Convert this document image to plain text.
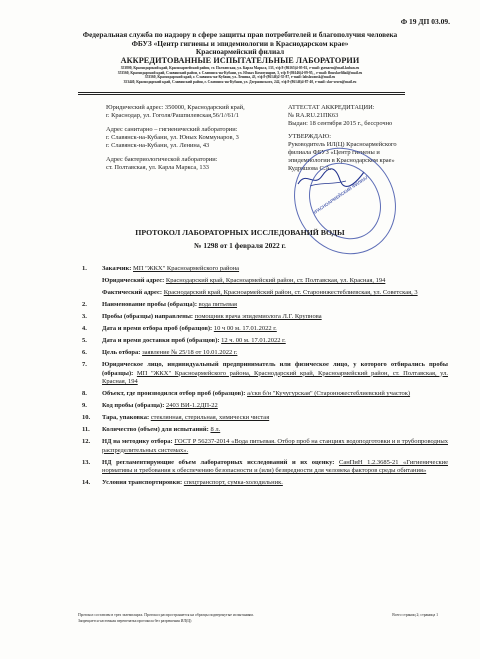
Ф 19 ДП 03.09.
Федеральная служба по надзору в сфере защиты прав потребителей и благополучия человека
ФБУЗ «Центр гигиены и эпидемиологии в Краснодарском крае»
Красноармейский филиал
АККРЕДИТОВАННЫЕ ИСПЫТАТЕЛЬНЫЕ ЛАБОРАТОРИИ
353800, Краснодарский край, Красноармейский район, ст. Полтавская, ул. Карла Маркса, 133, т/ф 8-(86165)4-05-02, e-mail: gsenarm@mail.kuban.ru
353560, Краснодарский край, Славянский район, г. Славянск-на-Кубани, ул. Юных Коммунаров, 3, т/ф 8-(86146)4-09-95, , e-mail: fbuzslavfilial@mail.ru
353560, Краснодарский край, г. Славянск-на-Кубани, ул. Ленина, 43, т/ф 8-(86146)2-35-87, e-mail: labslavansk@mail.ru
353440, Краснодарский край, Славянский район, г. Славянск-на-Кубани, ул. Дзержинского, 242, т/ф 8-(86146)4-87-40, e-mail: slav-sesen@mail.ru
Юридический адрес: 350000, Краснодарский край,
г. Краснодар, ул. Гоголя/Рашпилевская,56/1//61/1
Адрес санитарно – гигиенический лаборатории:
г. Славянск-на-Кубани, ул. Юных Коммунаров, 3
г. Славянск-на-Кубани, ул. Ленина, 43
Адрес бактериологической лаборатории:
ст. Полтавская, ул. Карла Маркса, 133
АТТЕСТАТ АККРЕДИТАЦИИ:
№ RA.RU.21ПК63
Выдан: 18 сентября 2015 г., бессрочно
УТВЕРЖДАЮ:
Руководитель ИЛ(Ц) Красноармейского
филиала ФБУЗ «Центр гигиены и
эпидемиологии в Краснодарском крае»
Кудряшова С.А.
КРАСНОАРМЕЙСКИЙ ФИЛИАЛ
ПРОТОКОЛ ЛАБОРАТОРНЫХ ИССЛЕДОВАНИЙ ВОДЫ
№ 1298 от 1 февраля 2022 г.
1.	Заказчик: МП "ЖКХ" Красноармейского района
Юридический адрес: Краснодарский край, Красноармейский район, ст. Полтавская, ул. Красная, 194
Фактический адрес: Краснодарский край, Красноармейский район, ст. Староннжестеблиевская, ул. Советская, 3
2.	Наименование пробы (образца): вода питьевая
3.	Пробы (образцы) направлены: помощник врача эпидемиолога Л.Г. Крупнова
4.	Дата и время отбора проб (образцов): 10 ч 00 м. 17.01.2022 г.
5.	Дата и время доставки проб (образцов): 12 ч. 00 м. 17.01.2022 г.
6.	Цель отбора: заявление № 25/18 от 10.01.2022 г.
7.	Юридическое лицо, индивидуальный предприниматель или физическое лицо, у которого отбирались пробы (образцы): МП "ЖКХ" Красноармейского района, Краснодарский край, Красноармейский район, ст. Полтавская, ул. Красная, 194
8.	Объект, где производился отбор проб (образцов): а/скв б/н "Кучугурская" (Староннжестеблиевский участок)
9.	Код пробы (образца): 2403 ВИ-1.2ДП-22
10.	Тара, упаковка: стеклянная, стерильная, химически чистая
11.	Количество (объем) для испытаний: 8 л.
12.	НД на методику отбора: ГОСТ Р 56237-2014 «Вода питьевая. Отбор проб на станциях водоподготовки и в трубопроводных распределительных системах».
13.	НД регламентирующие объем лабораторных исследований и их оценку: СанПиН 1.2.3685-21 «Гигиенические нормативы и требования к обеспечению безопасности и (или) безвредности для человека факторов среды обитания»
14.	Условия транспортировки: спецтранспорт, сумка-холодильник.
Протокол составлен в трех экземплярах. Протокол распространяется на образцы подвергнутые испытаниям.
Запрещается частичная перепечатка протокола без разрешения ИЛ(Ц)
Всего страниц 2; страница 1
